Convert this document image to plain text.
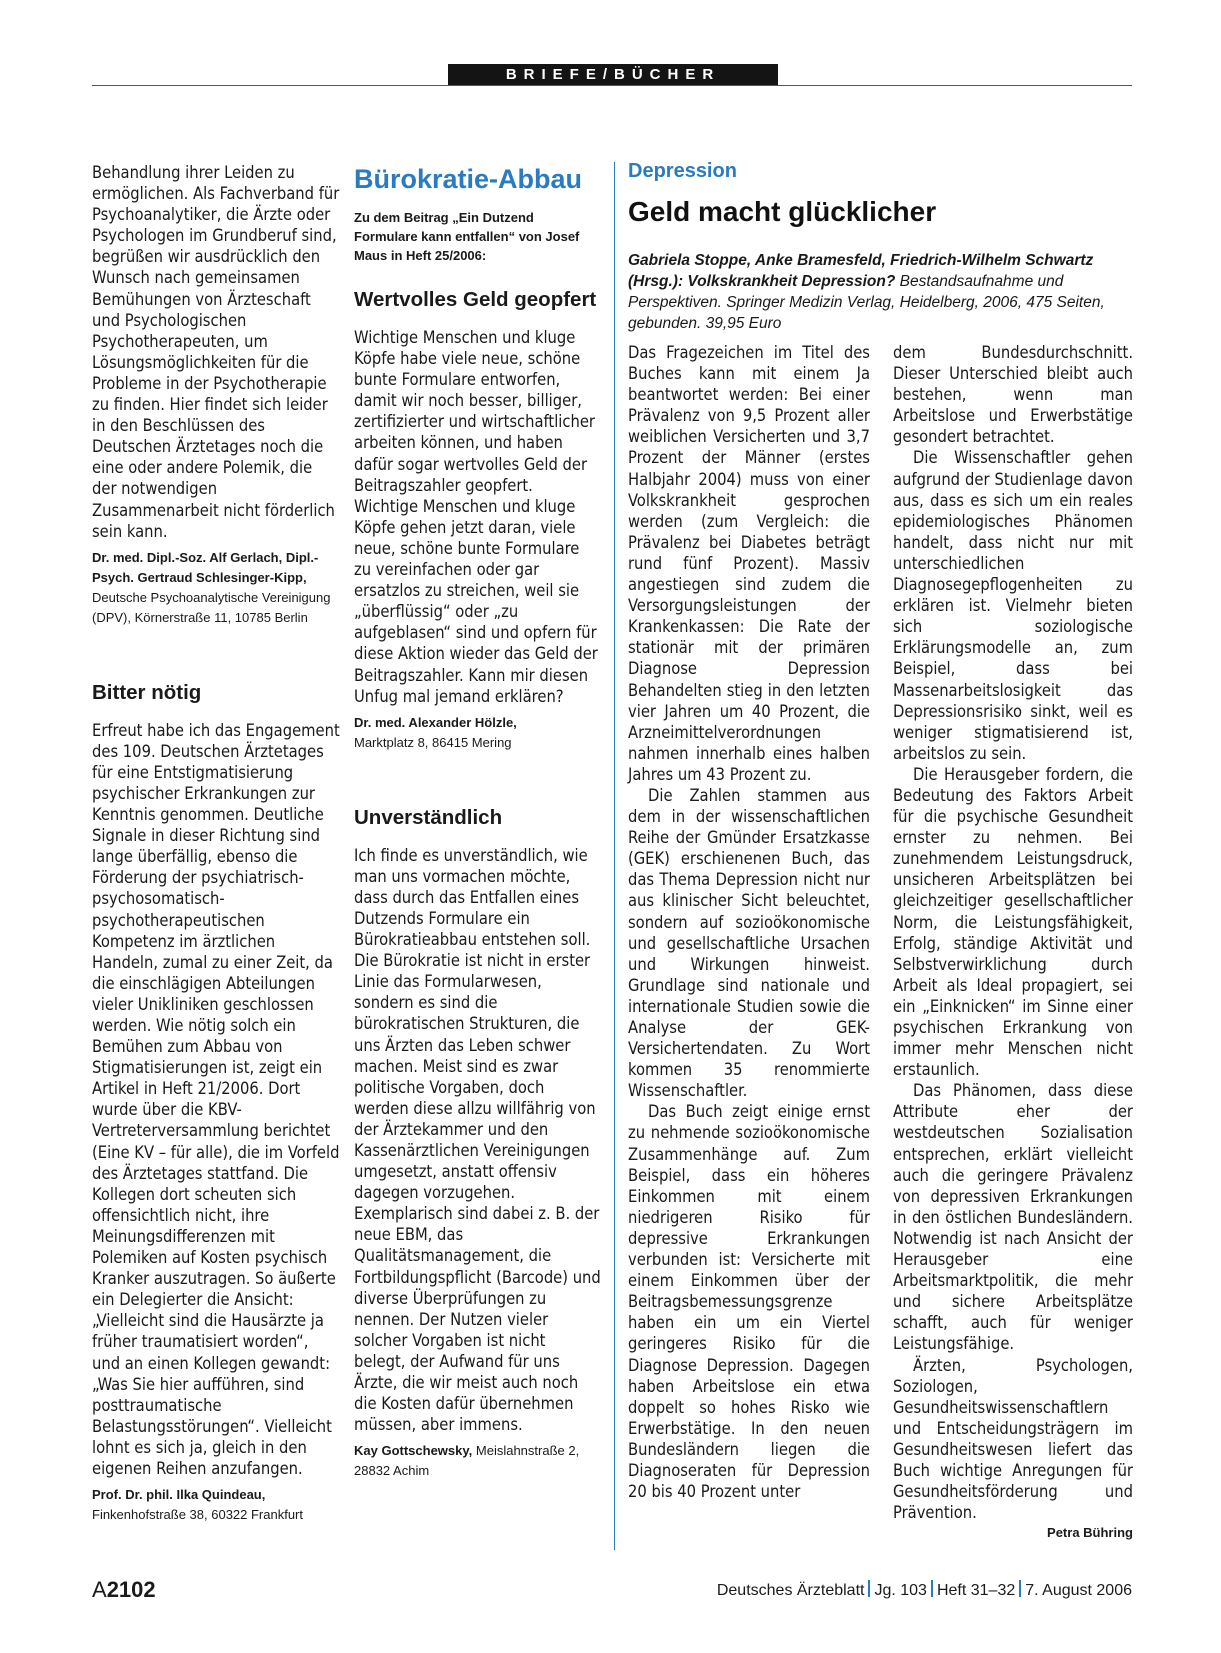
BRIEFE/BÜCHER

Behandlung ihrer Leiden zu ermöglichen. Als Fachverband für Psychoanalytiker, die Ärzte oder Psychologen im Grundberuf sind, begrüßen wir ausdrücklich den Wunsch nach gemeinsamen Bemühungen von Ärzteschaft und Psychologischen Psychotherapeuten, um Lösungsmöglichkeiten für die Probleme in der Psychotherapie zu finden. Hier findet sich leider in den Beschlüssen des Deutschen Ärztetages noch die eine oder andere Polemik, die der notwendigen Zusammenarbeit nicht förderlich sein kann.

Dr. med. Dipl.-Soz. Alf Gerlach, Dipl.-Psych. Gertraud Schlesinger-Kipp,

Deutsche Psychoanalytische Vereinigung (DPV), Körnerstraße 11, 10785 Berlin

Bitter nötig

Erfreut habe ich das Engagement des 109. Deutschen Ärztetages für eine Entstigmatisierung psychischer Erkrankungen zur Kenntnis genommen. Deutliche Signale in dieser Richtung sind lange überfällig, ebenso die Förderung der psychiatrisch-psychosomatisch-psychotherapeutischen Kompetenz im ärztlichen Handeln, zumal zu einer Zeit, da die einschlägigen Abteilungen vieler Unikliniken geschlossen werden. Wie nötig solch ein Bemühen zum Abbau von Stigmatisierungen ist, zeigt ein Artikel in Heft 21/2006. Dort wurde über die KBV-Vertreterversammlung berichtet (Eine KV – für alle), die im Vorfeld des Ärztetages stattfand. Die Kollegen dort scheuten sich offensichtlich nicht, ihre Meinungsdifferenzen mit Polemiken auf Kosten psychisch Kranker auszutragen. So äußerte ein Delegierter die Ansicht: „Vielleicht sind die Hausärzte ja früher traumatisiert worden“, und an einen Kollegen gewandt: „Was Sie hier aufführen, sind posttraumatische Belastungsstörungen“. Vielleicht lohnt es sich ja, gleich in den eigenen Reihen anzufangen.

Prof. Dr. phil. Ilka Quindeau,

Finkenhofstraße 38, 60322 Frankfurt

Bürokratie-Abbau

Zu dem Beitrag „Ein Dutzend Formulare kann entfallen“ von Josef Maus in Heft 25/2006:

Wertvolles Geld geopfert

Wichtige Menschen und kluge Köpfe habe viele neue, schöne bunte Formulare entworfen, damit wir noch besser, billiger, zertifizierter und wirtschaftlicher arbeiten können, und haben dafür sogar wertvolles Geld der Beitragszahler geopfert. Wichtige Menschen und kluge Köpfe gehen jetzt daran, viele neue, schöne bunte Formulare zu vereinfachen oder gar ersatzlos zu streichen, weil sie „überflüssig“ oder „zu aufgeblasen“ sind und opfern für diese Aktion wieder das Geld der Beitragszahler. Kann mir diesen Unfug mal jemand erklären?

Dr. med. Alexander Hölzle,

Marktplatz 8, 86415 Mering

Unverständlich

Ich finde es unverständlich, wie man uns vormachen möchte, dass durch das Entfallen eines Dutzends Formulare ein Bürokratieabbau entstehen soll.

Die Bürokratie ist nicht in erster Linie das Formularwesen, sondern es sind die bürokratischen Strukturen, die uns Ärzten das Leben schwer machen. Meist sind es zwar politische Vorgaben, doch werden diese allzu willfährig von der Ärztekammer und den Kassenärztlichen Vereinigungen umgesetzt, anstatt offensiv dagegen vorzugehen. Exemplarisch sind dabei z. B. der neue EBM, das Qualitätsmanagement, die Fortbildungspflicht (Barcode) und diverse Überprüfungen zu nennen. Der Nutzen vieler solcher Vorgaben ist nicht belegt, der Aufwand für uns Ärzte, die wir meist auch noch die Kosten dafür übernehmen müssen, aber immens.

Kay Gottschewsky, Meislahnstraße 2, 28832 Achim

Depression
Geld macht glücklicher

Gabriela Stoppe, Anke Bramesfeld, Friedrich-Wilhelm Schwartz (Hrsg.): Volkskrankheit Depression? Bestandsaufnahme und Perspektiven. Springer Medizin Verlag, Heidelberg, 2006, 475 Seiten, gebunden. 39,95 Euro

Das Fragezeichen im Titel des Buches kann mit einem Ja beantwortet werden: Bei einer Prävalenz von 9,5 Prozent aller weiblichen Versicherten und 3,7 Prozent der Männer (erstes Halbjahr 2004) muss von einer Volkskrankheit gesprochen werden (zum Vergleich: die Prävalenz bei Diabetes beträgt rund fünf Prozent). Massiv angestiegen sind zudem die Versorgungsleistungen der Krankenkassen: Die Rate der stationär mit der primären Diagnose Depression Behandelten stieg in den letzten vier Jahren um 40 Prozent, die Arzneimittelverordnungen nahmen innerhalb eines halben Jahres um 43 Prozent zu.

Die Zahlen stammen aus dem in der wissenschaftlichen Reihe der Gmünder Ersatzkasse (GEK) erschienenen Buch, das das Thema Depression nicht nur aus klinischer Sicht beleuchtet, sondern auf sozioökonomische und gesellschaftliche Ursachen und Wirkungen hinweist. Grundlage sind nationale und internationale Studien sowie die Analyse der GEK-Versichertendaten. Zu Wort kommen 35 renommierte Wissenschaftler.

Das Buch zeigt einige ernst zu nehmende sozioökonomische Zusammenhänge auf. Zum Beispiel, dass ein höheres Einkommen mit einem niedrigeren Risiko für depressive Erkrankungen verbunden ist: Versicherte mit einem Einkommen über der Beitragsbemessungsgrenze haben ein um ein Viertel geringeres Risiko für die Diagnose Depression. Dagegen haben Arbeitslose ein etwa doppelt so hohes Risko wie Erwerbstätige. In den neuen Bundesländern liegen die Diagnoseraten für Depression 20 bis 40 Prozent unter

dem Bundesdurchschnitt. Dieser Unterschied bleibt auch bestehen, wenn man Arbeitslose und Erwerbstätige gesondert betrachtet.

Die Wissenschaftler gehen aufgrund der Studienlage davon aus, dass es sich um ein reales epidemiologisches Phänomen handelt, dass nicht nur mit unterschiedlichen Diagnosegepflogenheiten zu erklären ist. Vielmehr bieten sich soziologische Erklärungsmodelle an, zum Beispiel, dass bei Massenarbeitslosigkeit das Depressionsrisiko sinkt, weil es weniger stigmatisierend ist, arbeitslos zu sein.

Die Herausgeber fordern, die Bedeutung des Faktors Arbeit für die psychische Gesundheit ernster zu nehmen. Bei zunehmendem Leistungsdruck, unsicheren Arbeitsplätzen bei gleichzeitiger gesellschaftlicher Norm, die Leistungsfähigkeit, Erfolg, ständige Aktivität und Selbstverwirklichung durch Arbeit als Ideal propagiert, sei ein „Einknicken“ im Sinne einer psychischen Erkrankung von immer mehr Menschen nicht erstaunlich.

Das Phänomen, dass diese Attribute eher der westdeutschen Sozialisation entsprechen, erklärt vielleicht auch die geringere Prävalenz von depressiven Erkrankungen in den östlichen Bundesländern. Notwendig ist nach Ansicht der Herausgeber eine Arbeitsmarktpolitik, die mehr und sichere Arbeitsplätze schafft, auch für weniger Leistungsfähige.

Ärzten, Psychologen, Soziologen, Gesundheitswissenschaftlern und Entscheidungsträgern im Gesundheitswesen liefert das Buch wichtige Anregungen für Gesundheitsförderung und Prävention.

Petra Bühring

A2102	Deutsches Ärzteblatt Jg. 103 Heft 31–32 7. August 2006
